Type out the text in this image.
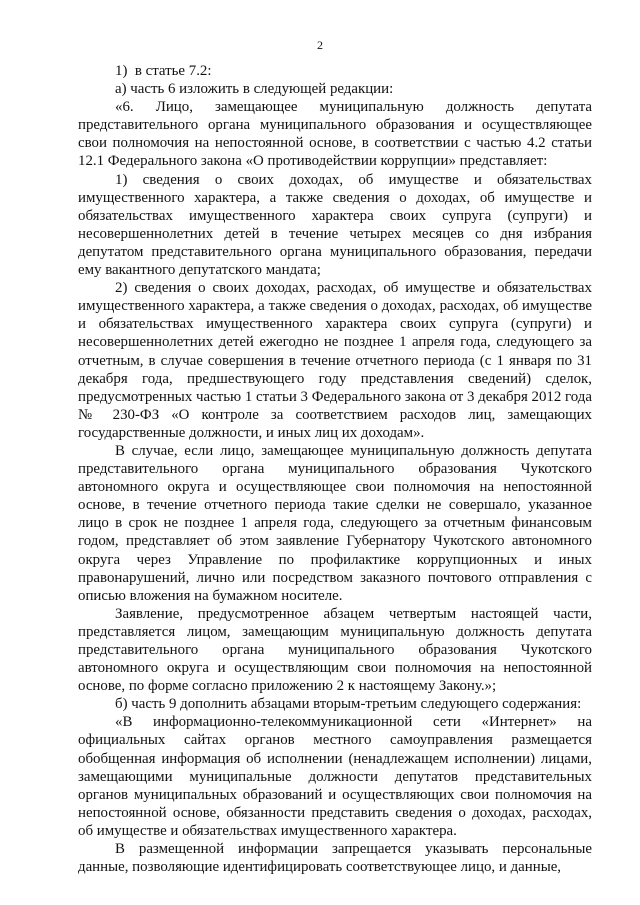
2

1)  в статье 7.2:

а) часть 6 изложить в следующей редакции:

«6. Лицо, замещающее муниципальную должность депутата представительного органа муниципального образования и осуществляющее свои полномочия на непостоянной основе, в соответствии с частью 4.2 статьи 12.1 Федерального закона «О противодействии коррупции» представляет:

1) сведения о своих доходах, об имуществе и обязательствах имущественного характера, а также сведения о доходах, об имуществе и обязательствах имущественного характера своих супруга (супруги) и несовершеннолетних детей в течение четырех месяцев со дня избрания депутатом представительного органа муниципального образования, передачи ему вакантного депутатского мандата;

2) сведения о своих доходах, расходах, об имуществе и обязательствах имущественного характера, а также сведения о доходах, расходах, об имуществе и обязательствах имущественного характера своих супруга (супруги) и несовершеннолетних детей ежегодно не позднее 1 апреля года, следующего за отчетным, в случае совершения в течение отчетного периода (с 1 января по 31 декабря года, предшествующего году представления сведений) сделок, предусмотренных частью 1 статьи 3 Федерального закона от 3 декабря 2012 года № 230-ФЗ «О контроле за соответствием расходов лиц, замещающих государственные должности, и иных лиц их доходам».

В случае, если лицо, замещающее муниципальную должность депутата представительного органа муниципального образования Чукотского автономного округа и осуществляющее свои полномочия на непостоянной основе, в течение отчетного периода такие сделки не совершало, указанное лицо в срок не позднее 1 апреля года, следующего за отчетным финансовым годом, представляет об этом заявление Губернатору Чукотского автономного округа через Управление по профилактике коррупционных и иных правонарушений, лично или посредством заказного почтового отправления с описью вложения на бумажном носителе.

Заявление, предусмотренное абзацем четвертым настоящей части, представляется лицом, замещающим муниципальную должность депутата представительного органа муниципального образования Чукотского автономного округа и осуществляющим свои полномочия на непостоянной основе, по форме согласно приложению 2 к настоящему Закону.»;

б) часть 9 дополнить абзацами вторым-третьим следующего содержания:

«В информационно-телекоммуникационной сети «Интернет» на официальных сайтах органов местного самоуправления размещается обобщенная информация об исполнении (ненадлежащем исполнении) лицами, замещающими муниципальные должности депутатов представительных органов муниципальных образований и осуществляющих свои полномочия на непостоянной основе, обязанности представить сведения о доходах, расходах, об имуществе и обязательствах имущественного характера.

В размещенной информации запрещается указывать персональные данные, позволяющие идентифицировать соответствующее лицо, и данные,
